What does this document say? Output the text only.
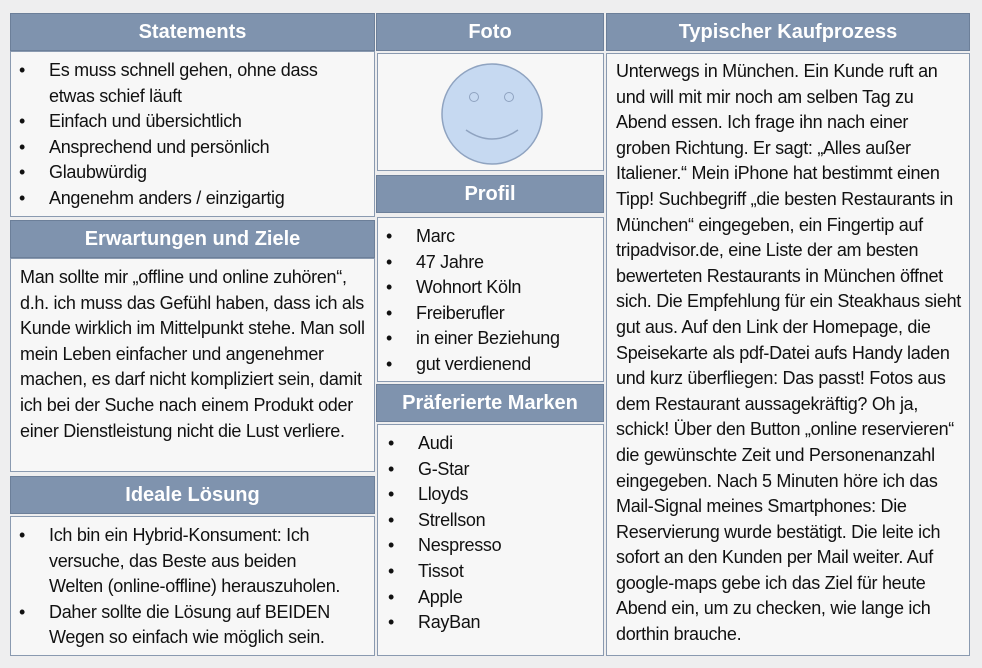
Statements
• Es muss schnell gehen, ohne dass etwas schief läuft
• Einfach und übersichtlich
• Ansprechend und persönlich
• Glaubwürdig
• Angenehm anders / einzigartig
Erwartungen und Ziele

Man sollte mir „offline und online zuhören“, d.h. ich muss das Gefühl haben, dass ich als Kunde wirklich im Mittelpunkt stehe. Man soll mein Leben einfacher und angenehmer machen, es darf nicht kompliziert sein, damit ich bei der Suche nach einem Produkt oder einer Dienstleistung nicht die Lust verliere.

Ideale Lösung
• Ich bin ein Hybrid-Konsument: Ich versuche, das Beste aus beiden Welten (online-offline) herauszuholen.
• Daher sollte die Lösung auf BEIDEN Wegen so einfach wie möglich sein.
Foto
Profil
• Marc
• 47 Jahre
• Wohnort Köln
• Freiberufler
• in einer Beziehung
• gut verdienend
Präferierte Marken
• Audi
• G-Star
• Lloyds
• Strellson
• Nespresso
• Tissot
• Apple
• RayBan
Typischer Kaufprozess

Unterwegs in München. Ein Kunde ruft an und will mit mir noch am selben Tag zu Abend essen. Ich frage ihn nach einer groben Richtung. Er sagt: „Alles außer Italiener.“ Mein iPhone hat bestimmt einen Tipp! Suchbegriff „die besten Restaurants in München“ eingegeben, ein Fingertip auf tripadvisor.de, eine Liste der am besten bewerteten Restaurants in München öffnet sich. Die Empfehlung für ein Steakhaus sieht gut aus. Auf den Link der Homepage, die Speisekarte als pdf-Datei aufs Handy laden und kurz überfliegen: Das passt! Fotos aus dem Restaurant aussagekräftig? Oh ja, schick! Über den Button „online reservieren“ die gewünschte Zeit und Personenanzahl eingegeben. Nach 5 Minuten höre ich das Mail-Signal meines Smartphones: Die Reservierung wurde bestätigt. Die leite ich sofort an den Kunden per Mail weiter. Auf google-maps gebe ich das Ziel für heute Abend ein, um zu checken, wie lange ich dorthin brauche.
